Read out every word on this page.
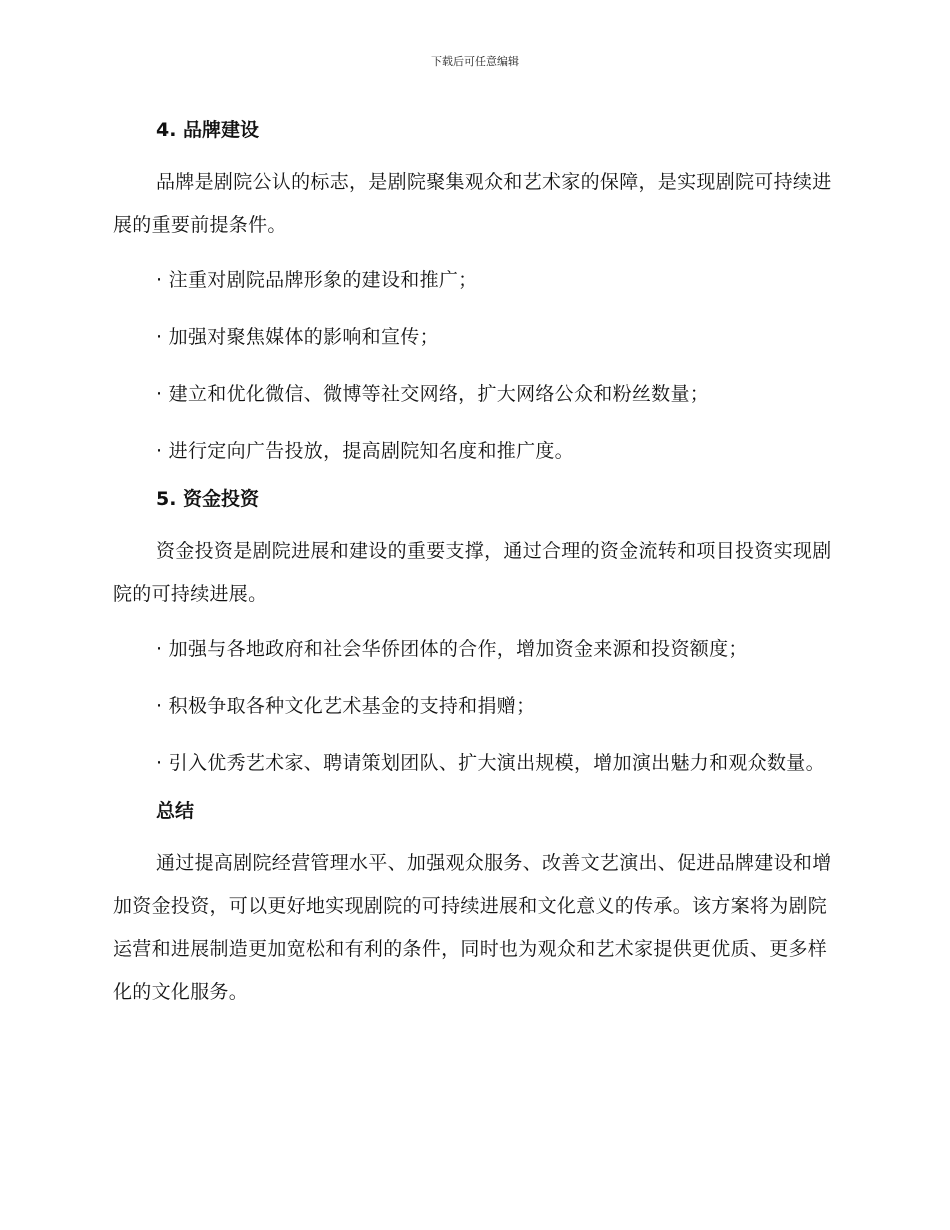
下载后可任意编辑
4. 品牌建设

品牌是剧院公认的标志，是剧院聚集观众和艺术家的保障，是实现剧院可持续进展的重要前提条件。

· 注重对剧院品牌形象的建设和推广；

· 加强对聚焦媒体的影响和宣传；

· 建立和优化微信、微博等社交网络，扩大网络公众和粉丝数量；

· 进行定向广告投放，提高剧院知名度和推广度。

5. 资金投资

资金投资是剧院进展和建设的重要支撑，通过合理的资金流转和项目投资实现剧院的可持续进展。

· 加强与各地政府和社会华侨团体的合作，增加资金来源和投资额度；

· 积极争取各种文化艺术基金的支持和捐赠；

· 引入优秀艺术家、聘请策划团队、扩大演出规模，增加演出魅力和观众数量。

总结

通过提高剧院经营管理水平、加强观众服务、改善文艺演出、促进品牌建设和增加资金投资，可以更好地实现剧院的可持续进展和文化意义的传承。该方案将为剧院运营和进展制造更加宽松和有利的条件，同时也为观众和艺术家提供更优质、更多样化的文化服务。
